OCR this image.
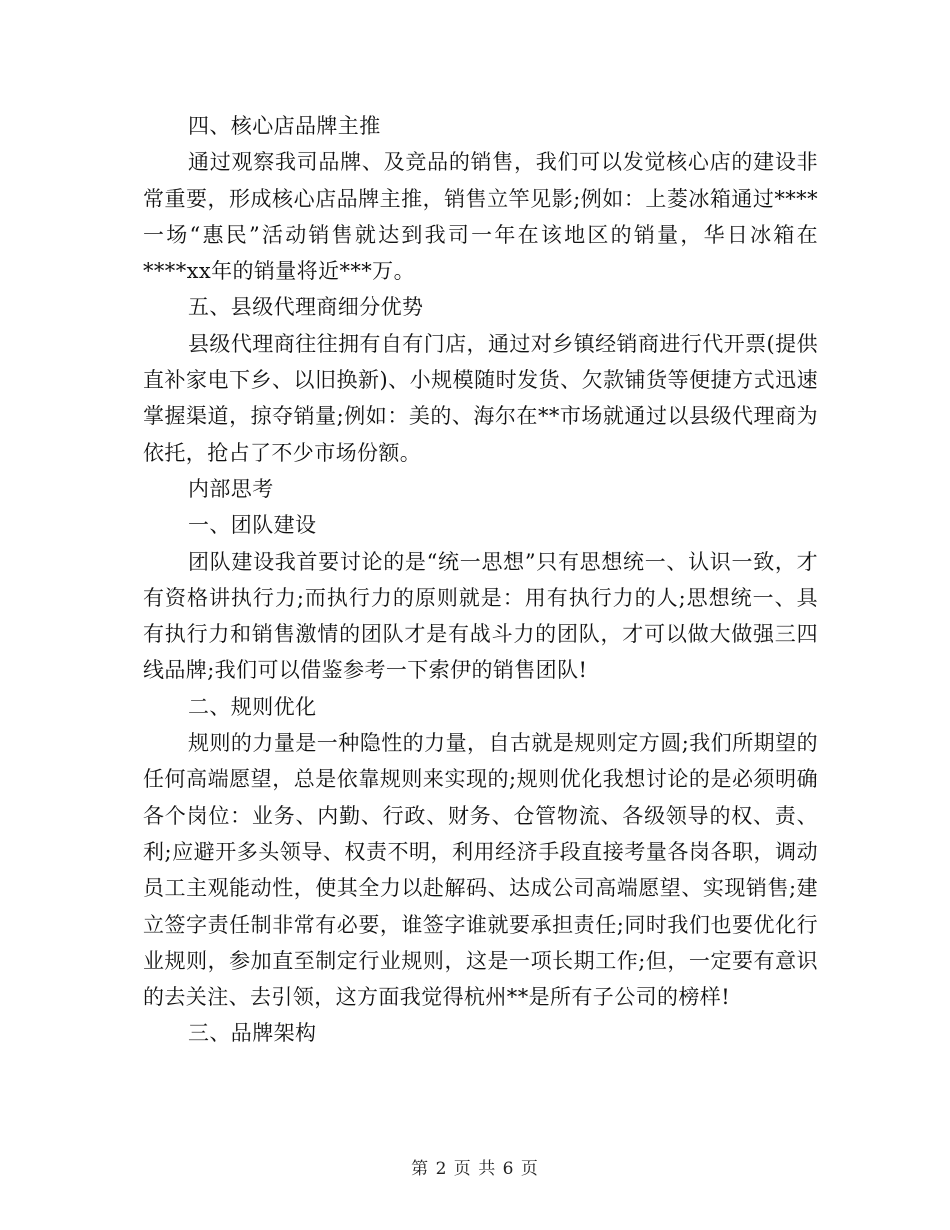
四、核心店品牌主推

通过观察我司品牌、及竞品的销售，我们可以发觉核心店的建设非常重要，形成核心店品牌主推，销售立竿见影;例如：上菱冰箱通过****一场“惠民”活动销售就达到我司一年在该地区的销量，华日冰箱在****xx年的销量将近***万。

五、县级代理商细分优势

县级代理商往往拥有自有门店，通过对乡镇经销商进行代开票(提供直补家电下乡、以旧换新)、小规模随时发货、欠款铺货等便捷方式迅速掌握渠道，掠夺销量;例如：美的、海尔在**市场就通过以县级代理商为依托，抢占了不少市场份额。

内部思考

一、团队建设

团队建设我首要讨论的是“统一思想”只有思想统一、认识一致，才有资格讲执行力;而执行力的原则就是：用有执行力的人;思想统一、具有执行力和销售激情的团队才是有战斗力的团队，才可以做大做强三四线品牌;我们可以借鉴参考一下索伊的销售团队!

二、规则优化

规则的力量是一种隐性的力量，自古就是规则定方圆;我们所期望的任何高端愿望，总是依靠规则来实现的;规则优化我想讨论的是必须明确各个岗位：业务、内勤、行政、财务、仓管物流、各级领导的权、责、利;应避开多头领导、权责不明，利用经济手段直接考量各岗各职，调动员工主观能动性，使其全力以赴解码、达成公司高端愿望、实现销售;建立签字责任制非常有必要，谁签字谁就要承担责任;同时我们也要优化行业规则，参加直至制定行业规则，这是一项长期工作;但，一定要有意识的去关注、去引领，这方面我觉得杭州**是所有子公司的榜样!

三、品牌架构

第 2 页 共 6 页
